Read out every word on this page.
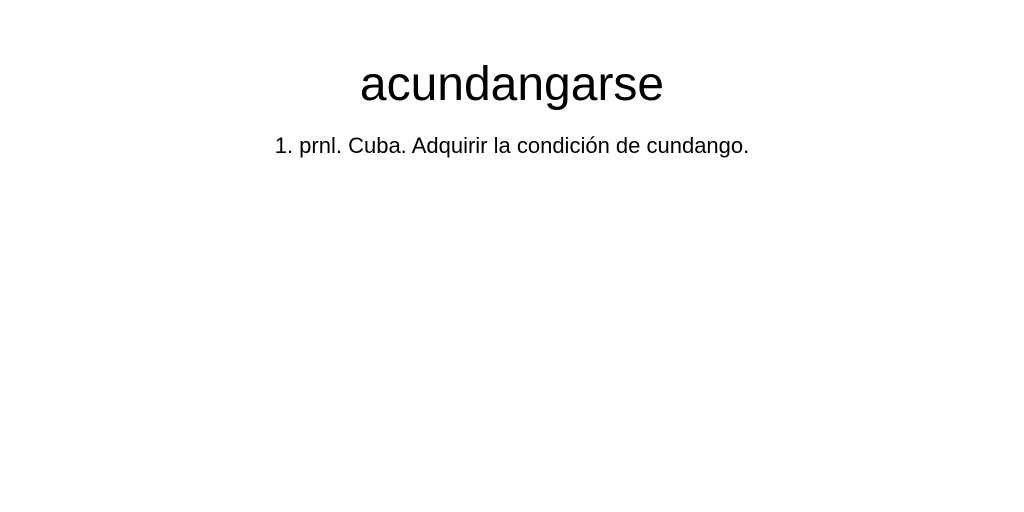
acundangarse

1. prnl. Cuba. Adquirir la condición de cundango.
